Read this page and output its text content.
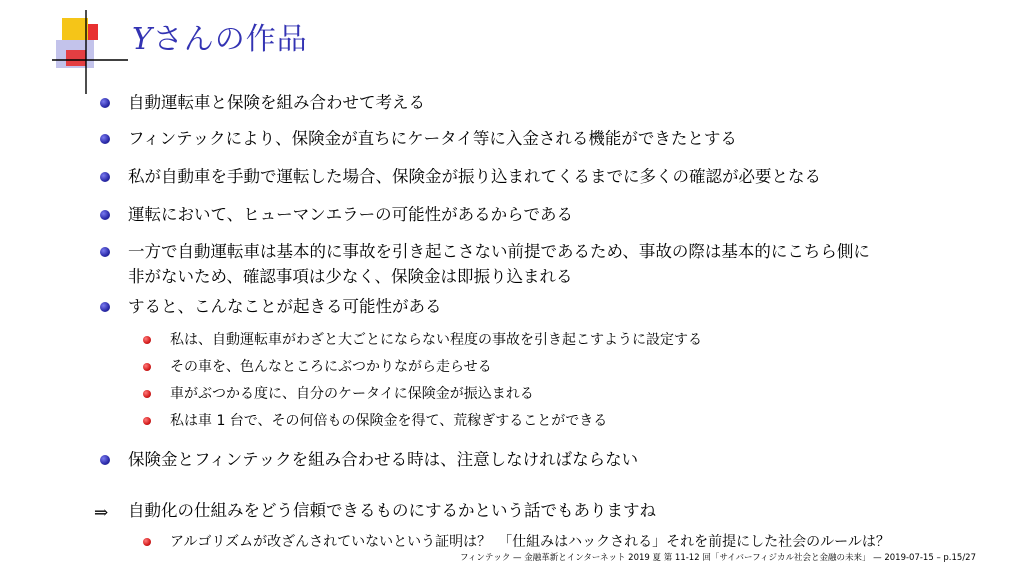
Yさんの作品
自動運転車と保険を組み合わせて考える
フィンテックにより、保険金が直ちにケータイ等に入金される機能ができたとする
私が自動車を手動で運転した場合、保険金が振り込まれてくるまでに多くの確認が必要となる
運転において、ヒューマンエラーの可能性があるからである
一方で自動運転車は基本的に事故を引き起こさない前提であるため、事故の際は基本的にこちら側に
非がないため、確認事項は少なく、保険金は即振り込まれる
すると、こんなことが起きる可能性がある
私は、自動運転車がわざと大ごとにならない程度の事故を引き起こすように設定する
その車を、色んなところにぶつかりながら走らせる
車がぶつかる度に、自分のケータイに保険金が振込まれる
私は車 1 台で、その何倍もの保険金を得て、荒稼ぎすることができる
保険金とフィンテックを組み合わせる時は、注意しなければならない
⇒ 自動化の仕組みをどう信頼できるものにするかという話でもありますね
アルゴリズムが改ざんされていないという証明は？　「仕組みはハックされる」それを前提にした社会のルールは？
フィンテック — 金融革新とインターネット 2019 夏 第 11-12 回「サイバーフィジカル社会と金融の未来」 — 2019-07-15 – p.15/27
